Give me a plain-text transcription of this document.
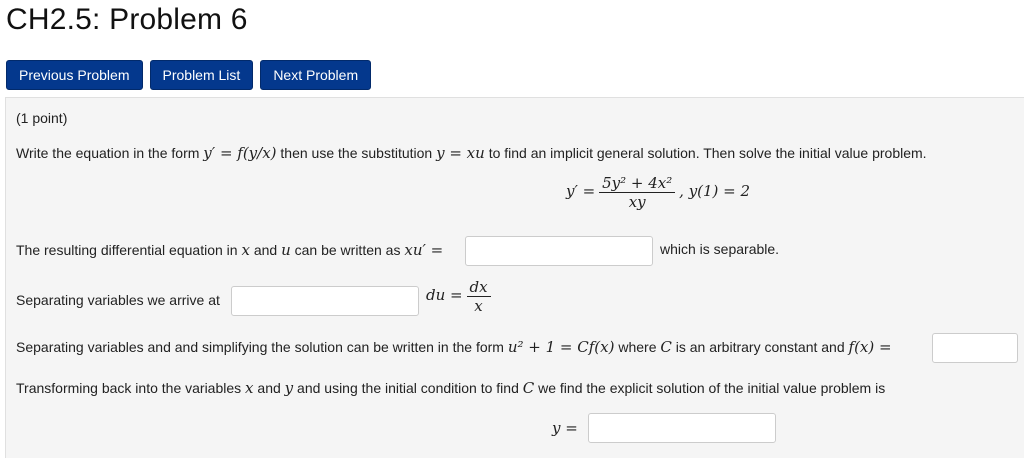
CH2.5: Problem 6
Previous Problem	Problem List	Next Problem
(1 point)
Write the equation in the form y′ = f(y/x) then use the substitution y = xu to find an implicit general solution. Then solve the initial value problem.
$y' = \frac{\text{5y² + 4x²}}{xy}$ , y(1) = 2
The resulting differential equation in x and u can be written as xu′ =	which is separable.
Separating variables we arrive at	du = $\frac{dx}{x}$
Separating variables and and simplifying the solution can be written in the form u² + 1 = Cf(x) where C is an arbitrary constant and f(x) =
Transforming back into the variables x and y and using the initial condition to find C we find the explicit solution of the initial value problem is
y =
